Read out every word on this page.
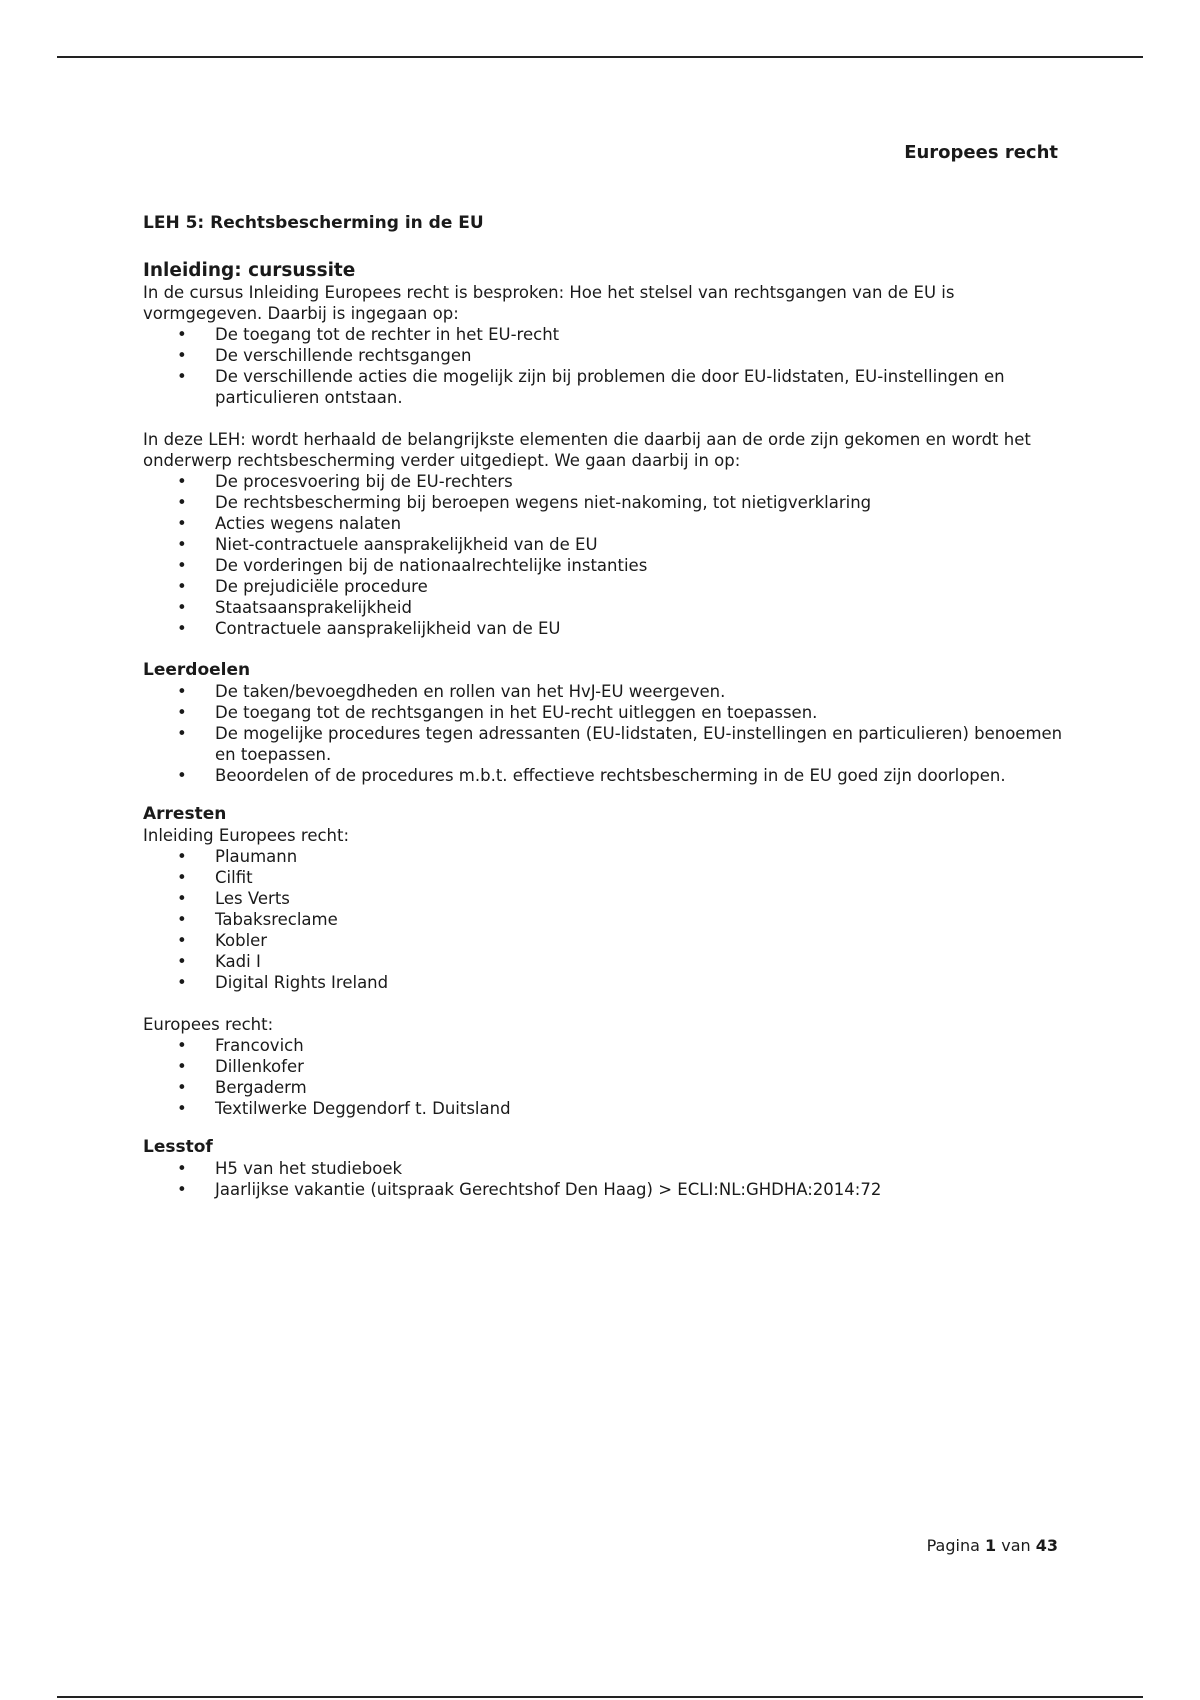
Europees recht
LEH 5: Rechtsbescherming in de EU
Inleiding: cursussite

In de cursus Inleiding Europees recht is besproken: Hoe het stelsel van rechtsgangen van de EU is vormgegeven. Daarbij is ingegaan op:

• De toegang tot de rechter in het EU-recht
• De verschillende rechtsgangen
• De verschillende acties die mogelijk zijn bij problemen die door EU-lidstaten, EU-instellingen en particulieren ontstaan.

In deze LEH: wordt herhaald de belangrijkste elementen die daarbij aan de orde zijn gekomen en wordt het onderwerp rechtsbescherming verder uitgediept. We gaan daarbij in op:

• De procesvoering bij de EU-rechters
• De rechtsbescherming bij beroepen wegens niet-nakoming, tot nietigverklaring
• Acties wegens nalaten
• Niet-contractuele aansprakelijkheid van de EU
• De vorderingen bij de nationaalrechtelijke instanties
• De prejudiciële procedure
• Staatsaansprakelijkheid
• Contractuele aansprakelijkheid van de EU
Leerdoelen
• De taken/bevoegdheden en rollen van het HvJ-EU weergeven.
• De toegang tot de rechtsgangen in het EU-recht uitleggen en toepassen.
• De mogelijke procedures tegen adressanten (EU-lidstaten, EU-instellingen en particulieren) benoemen en toepassen.
• Beoordelen of de procedures m.b.t. effectieve rechtsbescherming in de EU goed zijn doorlopen.
Arresten

Inleiding Europees recht:

• Plaumann
• Cilfit
• Les Verts
• Tabaksreclame
• Kobler
• Kadi I
• Digital Rights Ireland

Europees recht:

• Francovich
• Dillenkofer
• Bergaderm
• Textilwerke Deggendorf t. Duitsland
Lesstof
• H5 van het studieboek
• Jaarlijkse vakantie (uitspraak Gerechtshof Den Haag) > ECLI:NL:GHDHA:2014:72
Pagina 1 van 43
